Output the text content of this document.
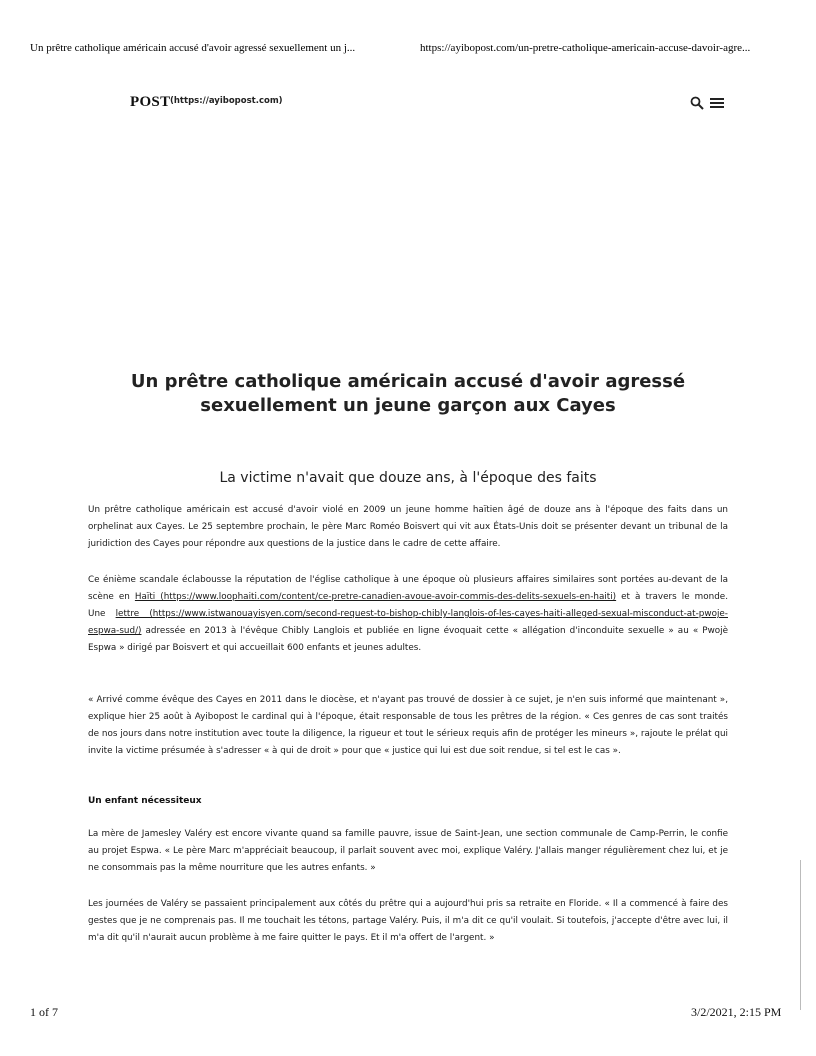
Un prêtre catholique américain accusé d'avoir agressé sexuellement un j...	https://ayibopost.com/un-pretre-catholique-americain-accuse-davoir-agre...
POST (https://ayibopost.com)
Un prêtre catholique américain accusé d'avoir agressé sexuellement un jeune garçon aux Cayes
La victime n'avait que douze ans, à l'époque des faits

Un prêtre catholique américain est accusé d'avoir violé en 2009 un jeune homme haïtien âgé de douze ans à l'époque des faits dans un orphelinat aux Cayes. Le 25 septembre prochain, le père Marc Roméo Boisvert qui vit aux États-Unis doit se présenter devant un tribunal de la juridiction des Cayes pour répondre aux questions de la justice dans le cadre de cette affaire.

Ce énième scandale éclabousse la réputation de l'église catholique à une époque où plusieurs affaires similaires sont portées au-devant de la scène en Haïti (https://www.loophaiti.com/content/ce-pretre-canadien-avoue-avoir-commis-des-delits-sexuels-en-haiti) et à travers le monde. Une lettre (https://www.istwanouayisyen.com/second-request-to-bishop-chibly-langlois-of-les-cayes-haiti-alleged-sexual-misconduct-at-pwoje-espwa-sud/) adressée en 2013 à l'évêque Chibly Langlois et publiée en ligne évoquait cette « allégation d'inconduite sexuelle » au « Pwojè Espwa » dirigé par Boisvert et qui accueillait 600 enfants et jeunes adultes.

« Arrivé comme évêque des Cayes en 2011 dans le diocèse, et n'ayant pas trouvé de dossier à ce sujet, je n'en suis informé que maintenant », explique hier 25 août à Ayibopost le cardinal qui à l'époque, était responsable de tous les prêtres de la région. « Ces genres de cas sont traités de nos jours dans notre institution avec toute la diligence, la rigueur et tout le sérieux requis afin de protéger les mineurs », rajoute le prélat qui invite la victime présumée à s'adresser « à qui de droit » pour que « justice qui lui est due soit rendue, si tel est le cas ».

Un enfant nécessiteux

La mère de Jamesley Valéry est encore vivante quand sa famille pauvre, issue de Saint-Jean, une section communale de Camp-Perrin, le confie au projet Espwa. « Le père Marc m'appréciait beaucoup, il parlait souvent avec moi, explique Valéry. J'allais manger régulièrement chez lui, et je ne consommais pas la même nourriture que les autres enfants. »

Les journées de Valéry se passaient principalement aux côtés du prêtre qui a aujourd'hui pris sa retraite en Floride. « Il a commencé à faire des gestes que je ne comprenais pas. Il me touchait les tétons, partage Valéry. Puis, il m'a dit ce qu'il voulait. Si toutefois, j'accepte d'être avec lui, il m'a dit qu'il n'aurait aucun problème à me faire quitter le pays. Et il m'a offert de l'argent. »

1 of 7	3/2/2021, 2:15 PM
